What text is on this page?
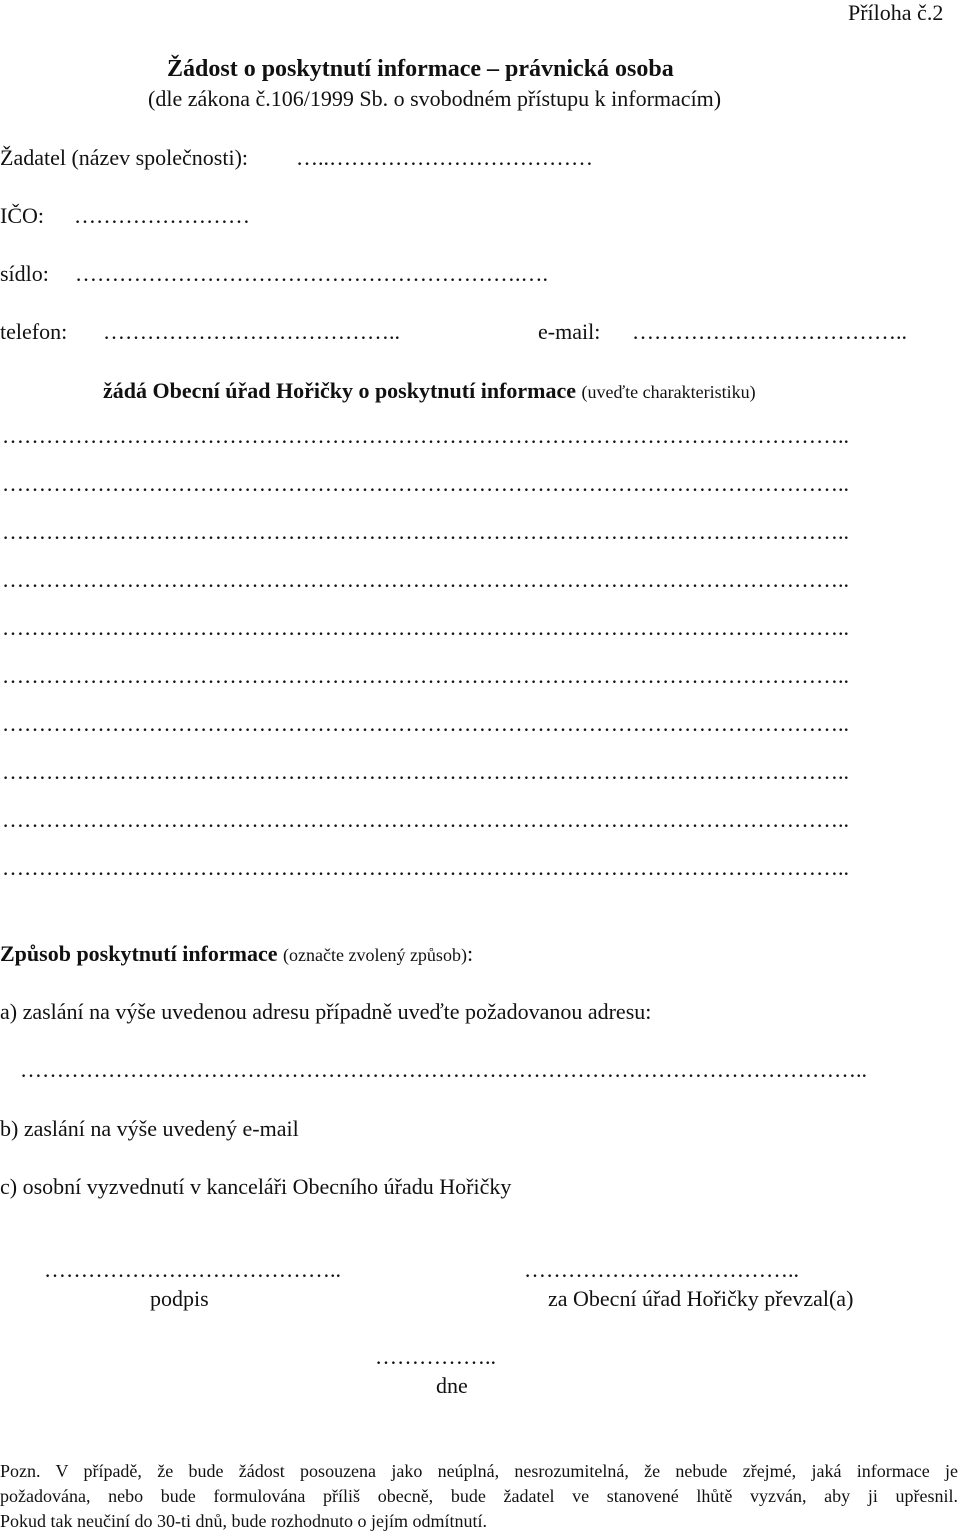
Příloha č.2
Žádost o poskytnutí informace – právnická osoba
(dle zákona č.106/1999 Sb. o svobodném přístupu k informacím)
Žadatel (název společnosti): …..………………………………
IČO: ……………………
sídlo: …………………………………………………….….
telefon: …………………………………..	e-mail: ………………………………..
žádá Obecní úřad Hořičky o poskytnutí informace (uveďte charakteristiku)
……………………………………………………………………………………………………..
……………………………………………………………………………………………………..
……………………………………………………………………………………………………..
……………………………………………………………………………………………………..
……………………………………………………………………………………………………..
……………………………………………………………………………………………………..
……………………………………………………………………………………………………..
……………………………………………………………………………………………………..
……………………………………………………………………………………………………..
……………………………………………………………………………………………………..
Způsob poskytnutí informace (označte zvolený způsob):
a) zaslání na výše uvedenou adresu případně uveďte požadovanou adresu:
……………………………………………………………………………………………………..
b) zaslání na výše uvedený e-mail
c) osobní vyzvednutí v kanceláři Obecního úřadu Hořičky
…………………………………..
podpis
………………………………..
za Obecní úřad Hořičky převzal(a)
……………..
dne
Pozn. V případě, že bude žádost posouzena jako neúplná, nesrozumitelná, že nebude zřejmé, jaká informace je
požadována, nebo bude formulována příliš obecně, bude žadatel ve stanovené lhůtě vyzván, aby ji upřesnil.
Pokud tak neučiní do 30-ti dnů, bude rozhodnuto o jejím odmítnutí.
